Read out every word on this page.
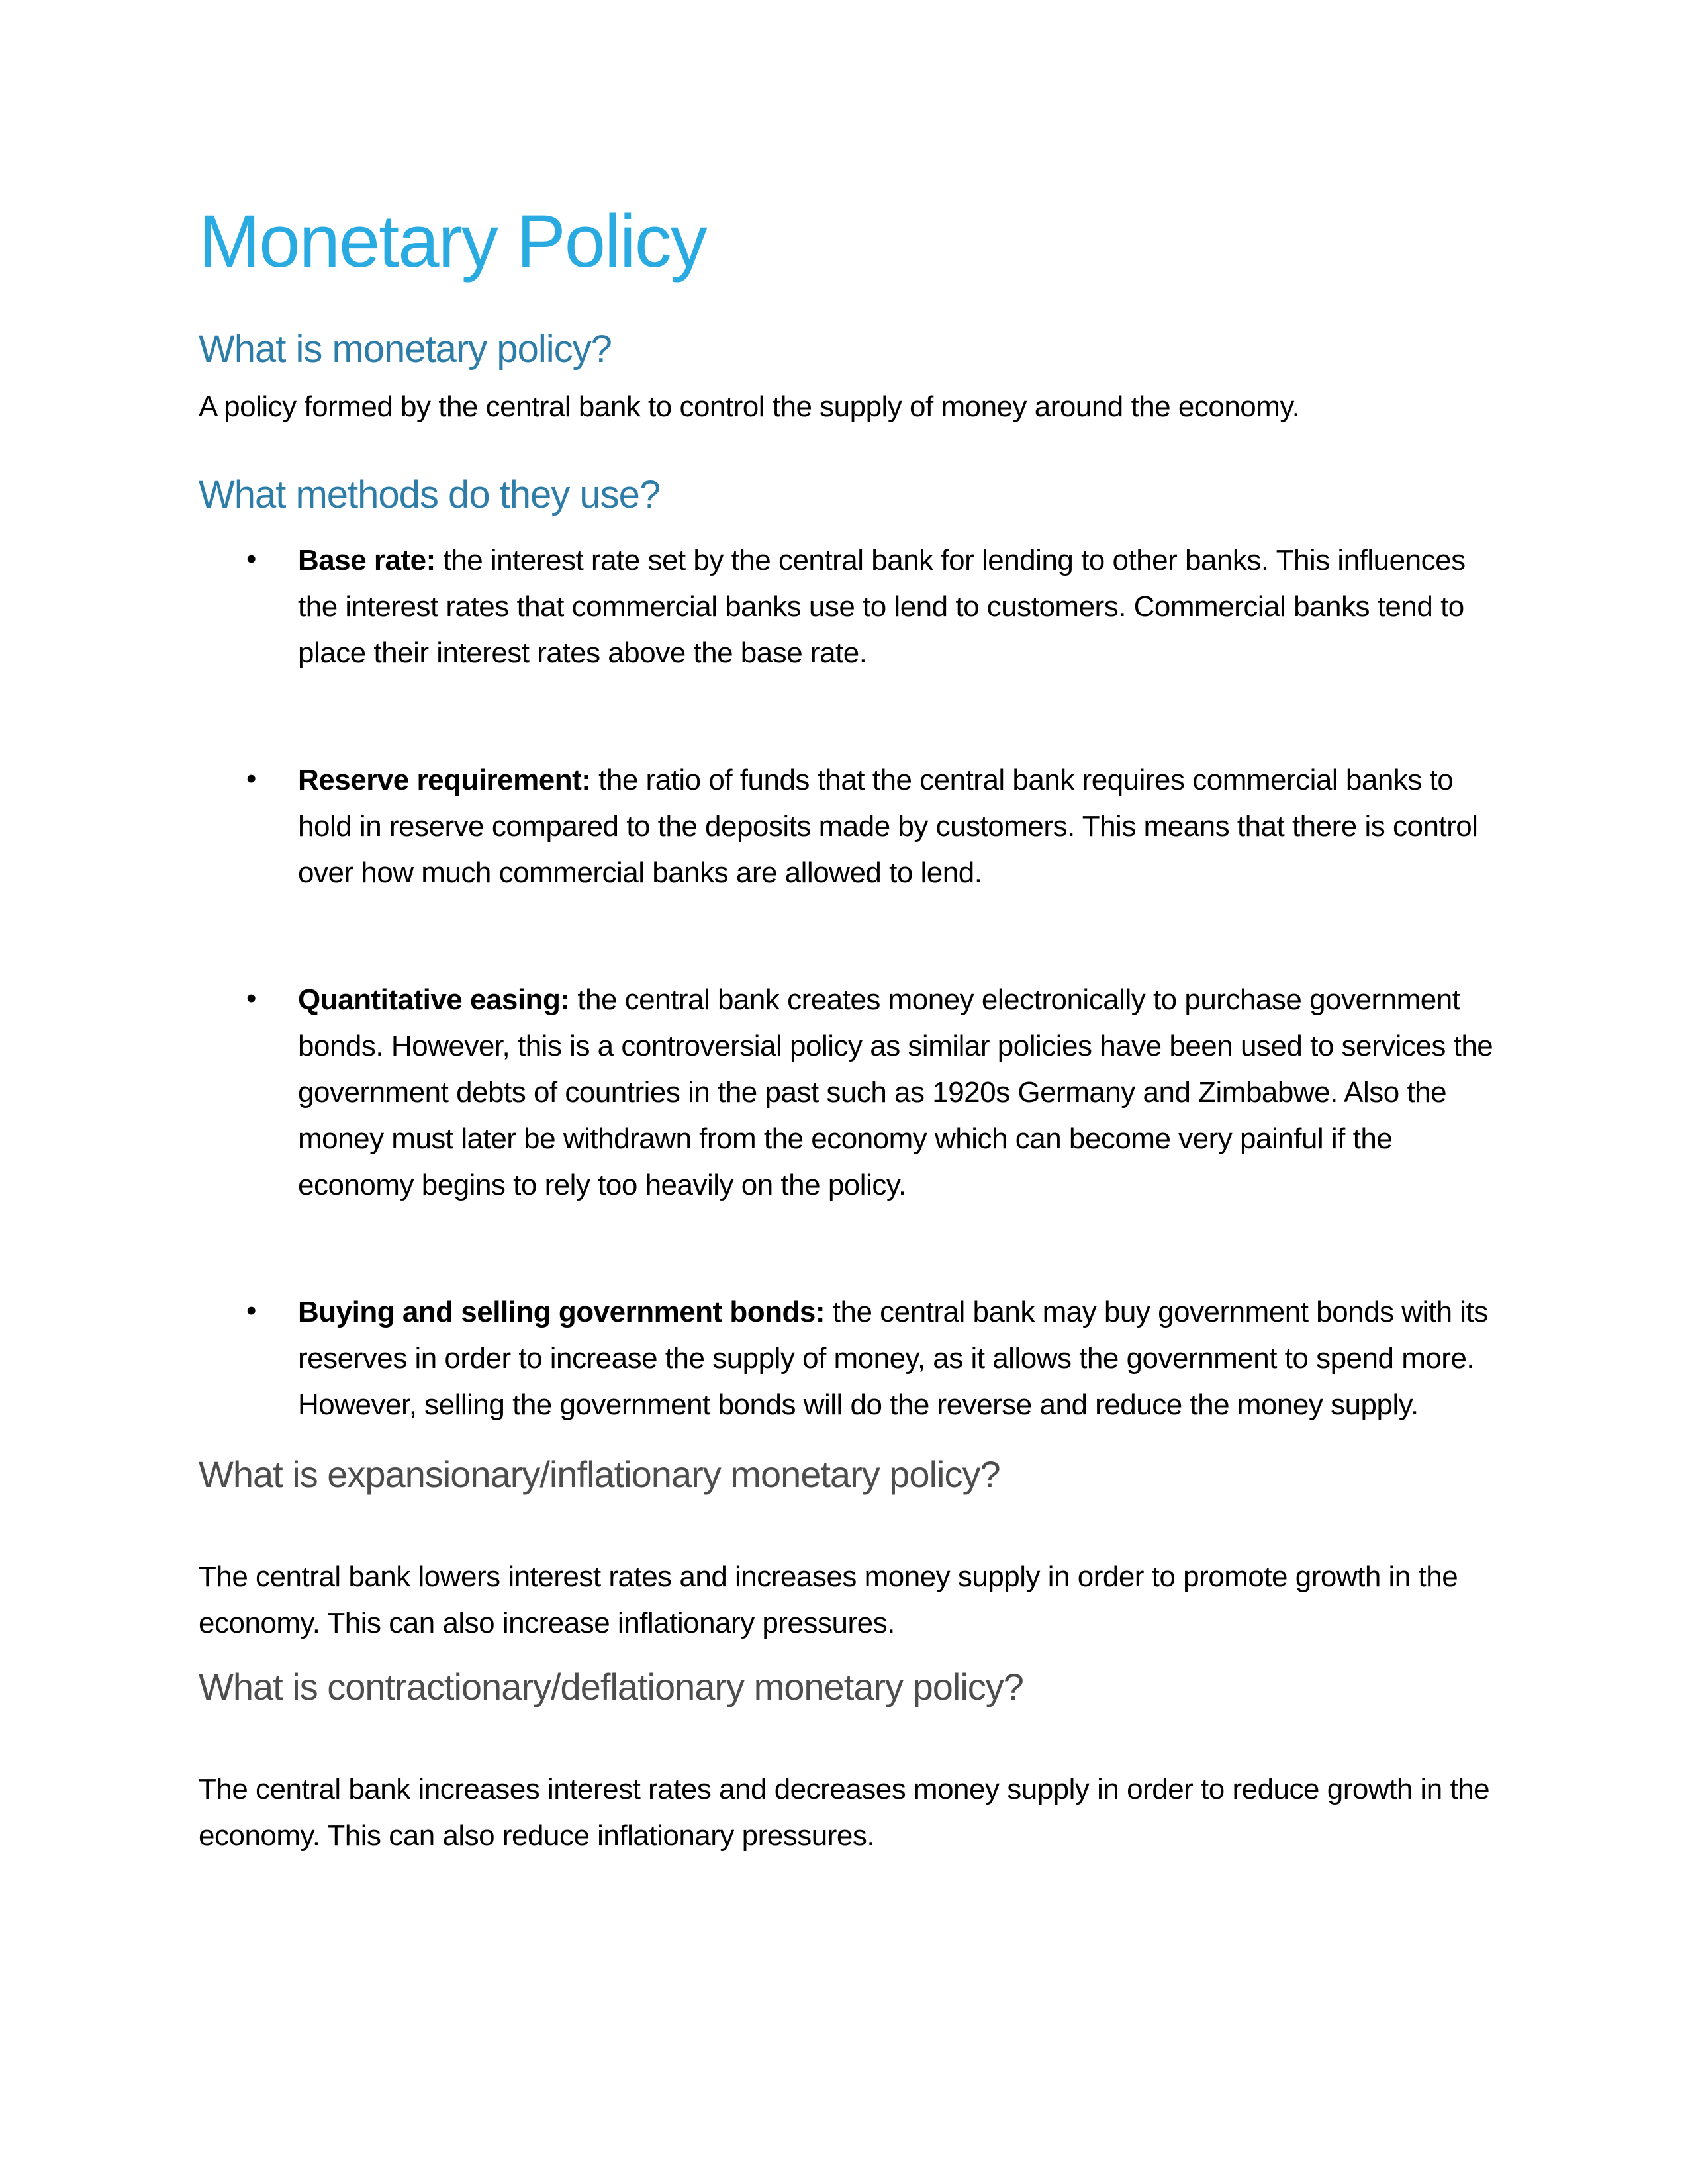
Monetary Policy
What is monetary policy?

A policy formed by the central bank to control the supply of money around the economy.

What methods do they use?
• Base rate: the interest rate set by the central bank for lending to other banks. This influences the interest rates that commercial banks use to lend to customers. Commercial banks tend to place their interest rates above the base rate.
• Reserve requirement: the ratio of funds that the central bank requires commercial banks to hold in reserve compared to the deposits made by customers. This means that there is control over how much commercial banks are allowed to lend.
• Quantitative easing: the central bank creates money electronically to purchase government bonds. However, this is a controversial policy as similar policies have been used to services the government debts of countries in the past such as 1920s Germany and Zimbabwe. Also the money must later be withdrawn from the economy which can become very painful if the economy begins to rely too heavily on the policy.
• Buying and selling government bonds: the central bank may buy government bonds with its reserves in order to increase the supply of money, as it allows the government to spend more. However, selling the government bonds will do the reverse and reduce the money supply.
What is expansionary/inflationary monetary policy?

The central bank lowers interest rates and increases money supply in order to promote growth in the economy. This can also increase inflationary pressures.

What is contractionary/deflationary monetary policy?

The central bank increases interest rates and decreases money supply in order to reduce growth in the economy. This can also reduce inflationary pressures.
